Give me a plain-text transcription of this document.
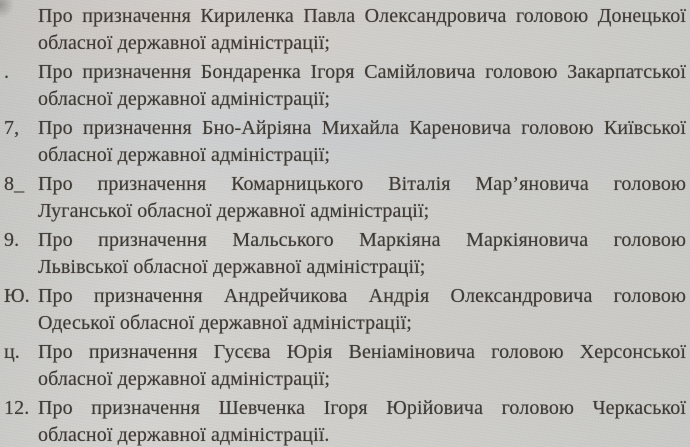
Про призначення Кириленка Павла Олександровича головою Донецької
обласної державної адміністрації;
.	Про призначення Бондаренка Ігоря Самійловича головою Закарпатської
обласної державної адміністрації;
7, Про призначення Бно-Айріяна Михайла Кареновича головою Київської
обласної державної адміністрації;
8_ Про призначення Комарницького Віталія Мар’яновича головою
Луганської обласної державної адміністрації;
9. Про призначення Мальського Маркіяна Маркіяновича головою
Львівської обласної державної адміністрації;
Ю. Про призначення Андрейчикова Андрія Олександровича головою
Одеської обласної державної адміністрації;
ц. Про призначення Гусєва Юрія Веніаміновича головою Херсонської
обласної державної адміністрації;
12. Про призначення Шевченка Ігоря Юрійовича головою Черкаської
обласної державної адміністрації.
